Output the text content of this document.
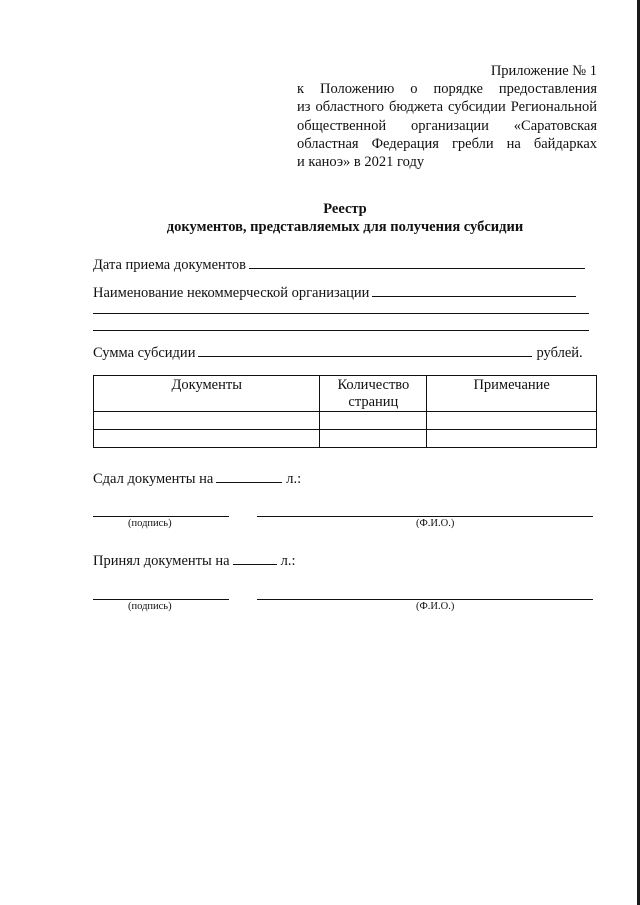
Приложение № 1
к Положению о порядке предоставления
из областного бюджета субсидии Региональной
общественной организации «Саратовская
областная Федерация гребли на байдарках
и каноэ» в 2021 году
Реестр
документов, представляемых для получения субсидии
Дата приема документов
Наименование некоммерческой организации
Сумма субсидии	рублей.
Документы	Количество страниц	Примечание

Сдал документы на	л.:
(подпись)	(Ф.И.О.)
Принял документы на	л.:
(подпись)	(Ф.И.О.)
